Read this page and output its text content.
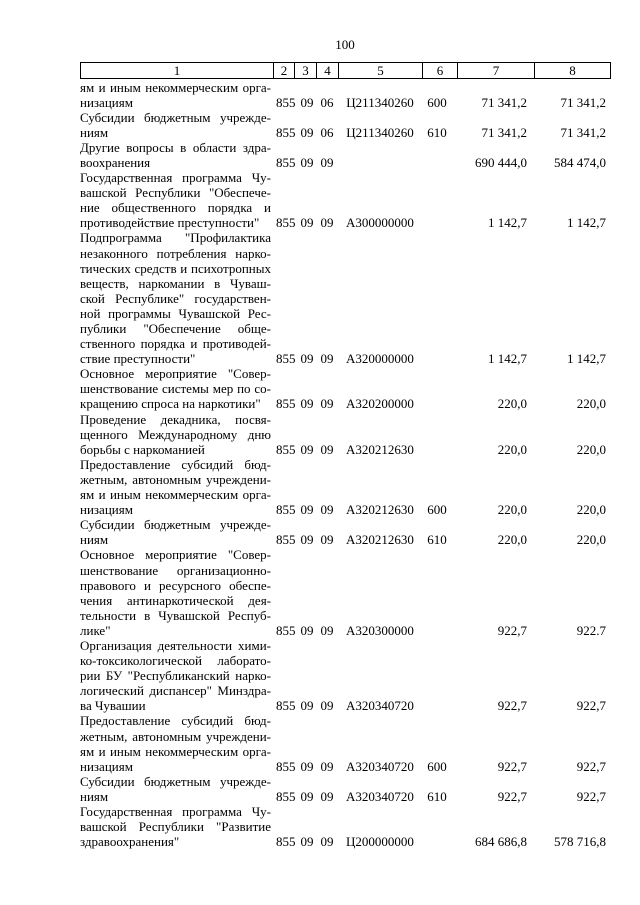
100
1	2	3	4	5	6	7	8
ям и иным некоммерческим орга-
низациям	855 09 06 Ц211340260	600	71 341,2	71 341,2
Субсидии бюджетным учрежде-
ниям	855 09 06 Ц211340260	610	71 341,2	71 341,2
Другие вопросы в области здра-
воохранения	855 09 09	690 444,0	584 474,0
Государственная программа Чу-
вашской Республики "Обеспече-
ние общественного порядка и
противодействие преступности"	855 09 09 А300000000	1 142,7	1 142,7
Подпрограмма "Профилактика
незаконного потребления нарко-
тических средств и психотропных
веществ, наркомании в Чуваш-
ской Республике" государствен-
ной программы Чувашской Рес-
публики "Обеспечение обще-
ственного порядка и противодей-
ствие преступности"	855 09 09 А320000000	1 142,7	1 142,7
Основное мероприятие "Совер-
шенствование системы мер по со-
кращению спроса на наркотики"	855 09 09 А320200000	220,0	220,0
Проведение декадника, посвя-
щенного Международному дню
борьбы с наркоманией	855 09 09 А320212630	220,0	220,0
Предоставление субсидий бюд-
жетным, автономным учреждени-
ям и иным некоммерческим орга-
низациям	855 09 09 А320212630	600	220,0	220,0
Субсидии бюджетным учрежде-
ниям	855 09 09 А320212630	610	220,0	220,0
Основное мероприятие "Совер-
шенствование организационно-
правового и ресурсного обеспе-
чения антинаркотической дея-
тельности в Чувашской Респуб-
лике"	855 09 09 А320300000	922,7	922.7
Организация деятельности хими-
ко-токсикологической лаборато-
рии БУ "Республиканский нарко-
логический диспансер" Минздра-
ва Чувашии	855 09 09 А320340720	922,7	922,7
Предоставление субсидий бюд-
жетным, автономным учреждени-
ям и иным некоммерческим орга-
низациям	855 09 09 А320340720	600	922,7	922,7
Субсидии бюджетным учрежде-
ниям	855 09 09 А320340720	610	922,7	922,7
Государственная программа Чу-
вашской Республики "Развитие
здравоохранения"	855 09 09 Ц200000000	684 686,8	578 716,8
